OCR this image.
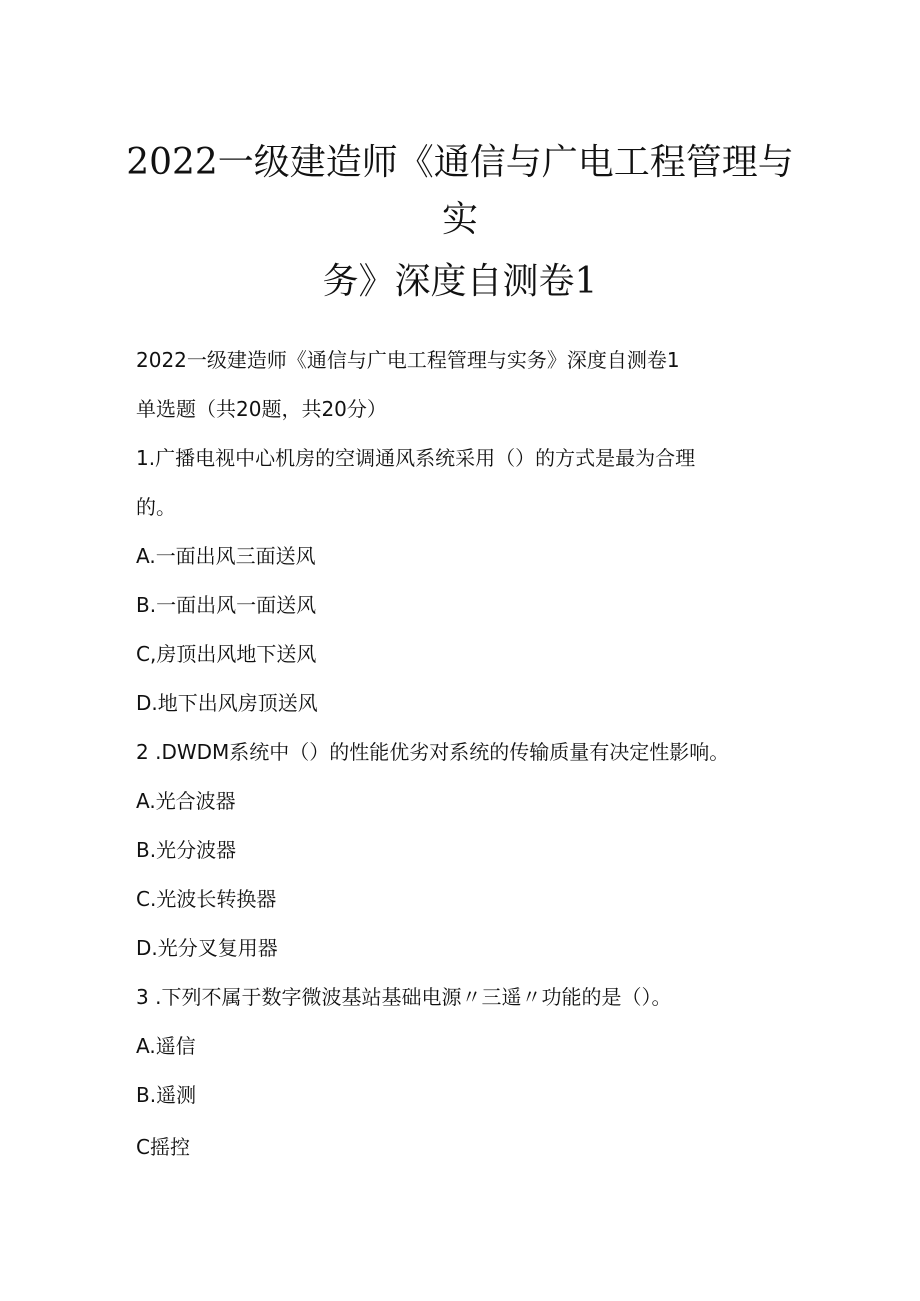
2022一级建造师《通信与广电工程管理与
实
务》深度自测卷1
2022一级建造师《通信与广电工程管理与实务》深度自测卷1
单选题（共20题，共20分）
1.广播电视中心机房的空调通风系统采用（）的方式是最为合理
的。
A.一面出风三面送风
B.一面出风一面送风
C,房顶出风地下送风
D.地下出风房顶送风
2 .DWDM系统中（）的性能优劣对系统的传输质量有决定性影响。
A.光合波器
B.光分波器
C.光波长转换器
D.光分叉复用器
3 .下列不属于数字微波基站基础电源〃三遥〃功能的是（）。
A.遥信
B.遥测
C摇控
